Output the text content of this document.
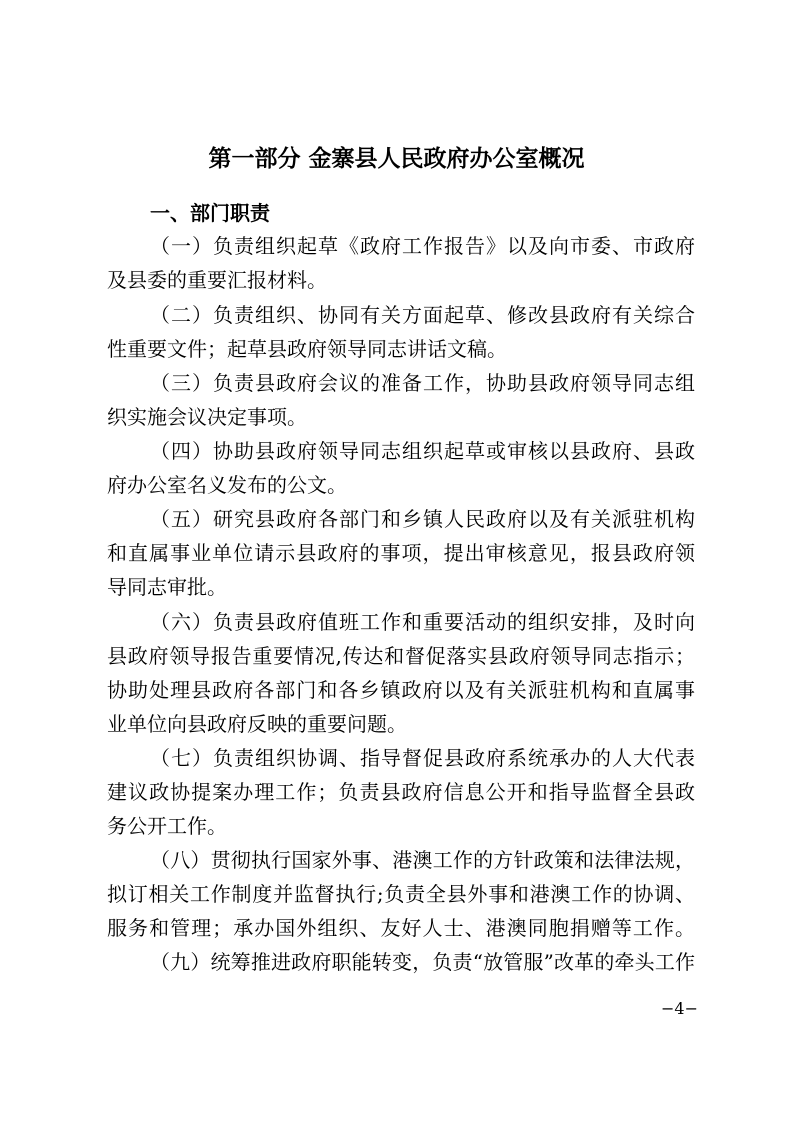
第一部分 金寨县人民政府办公室概况
一、部门职责
（一）负责组织起草《政府工作报告》以及向市委、市政府
及县委的重要汇报材料。
（二）负责组织、协同有关方面起草、修改县政府有关综合
性重要文件；起草县政府领导同志讲话文稿。
（三）负责县政府会议的准备工作，协助县政府领导同志组
织实施会议决定事项。
（四）协助县政府领导同志组织起草或审核以县政府、县政
府办公室名义发布的公文。
（五）研究县政府各部门和乡镇人民政府以及有关派驻机构
和直属事业单位请示县政府的事项，提出审核意见，报县政府领
导同志审批。
（六）负责县政府值班工作和重要活动的组织安排，及时向
县政府领导报告重要情况,传达和督促落实县政府领导同志指示；
协助处理县政府各部门和各乡镇政府以及有关派驻机构和直属事
业单位向县政府反映的重要问题。
（七）负责组织协调、指导督促县政府系统承办的人大代表
建议政协提案办理工作；负责县政府信息公开和指导监督全县政
务公开工作。
（八）贯彻执行国家外事、港澳工作的方针政策和法律法规，
拟订相关工作制度并监督执行;负责全县外事和港澳工作的协调、
服务和管理；承办国外组织、友好人士、港澳同胞捐赠等工作。
（九）统筹推进政府职能转变，负责“放管服”改革的牵头工作
−4−
